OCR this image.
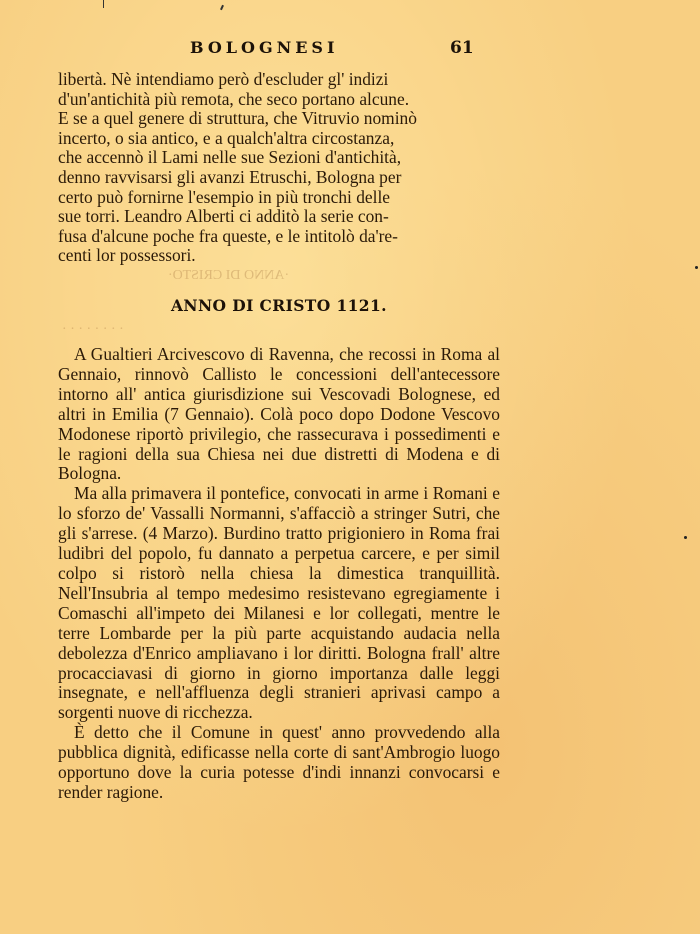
BOLOGNESI	61

libertà. Nè intendiamo però d'escluder gl' indizi

d'un'antichità più remota, che seco portano alcune.

E se a quel genere di struttura, che Vitruvio nominò

incerto, o sia antico, e a qualch'altra circostanza,

che accennò il Lami nelle sue Sezioni d'antichità,

denno ravvisarsi gli avanzi Etruschi, Bologna per

certo può fornirne l'esempio in più tronchi delle

sue torri. Leandro Alberti ci additò la serie con-

fusa d'alcune poche fra queste, e le intitolò da're-

centi lor possessori.

·ANNO DI CRISTO·
· · · · · · · ·
ANNO DI CRISTO 1121.

A Gualtieri Arcivescovo di Ravenna, che recossi in Roma al Gennaio, rinnovò Callisto le concessioni dell'antecessore intorno all' antica giurisdizione sui Vescovadi Bolognese, ed altri in Emilia (7 Gennaio). Colà poco dopo Dodone Vescovo Modonese riportò privilegio, che rassecurava i possedimenti e le ragioni della sua Chiesa nei due distretti di Modena e di Bologna.

Ma alla primavera il pontefice, convocati in arme i Romani e lo sforzo de' Vassalli Normanni, s'affacciò a stringer Sutri, che gli s'arrese. (4 Marzo). Burdino tratto prigioniero in Roma frai ludibri del popolo, fu dannato a perpetua carcere, e per simil colpo si ristorò nella chiesa la dimestica tranquillità. Nell'Insubria al tempo medesimo resistevano egregiamente i Comaschi all'impeto dei Milanesi e lor collegati, mentre le terre Lombarde per la più parte acquistando audacia nella debolezza d'Enrico ampliavano i lor diritti. Bologna frall' altre procacciavasi di giorno in giorno importanza dalle leggi insegnate, e nell'affluenza degli stranieri aprivasi campo a sorgenti nuove di ricchezza.

È detto che il Comune in quest' anno provvedendo alla pubblica dignità, edificasse nella corte di sant'Ambrogio luogo opportuno dove la curia potesse d'indi innanzi convocarsi e render ragione.
